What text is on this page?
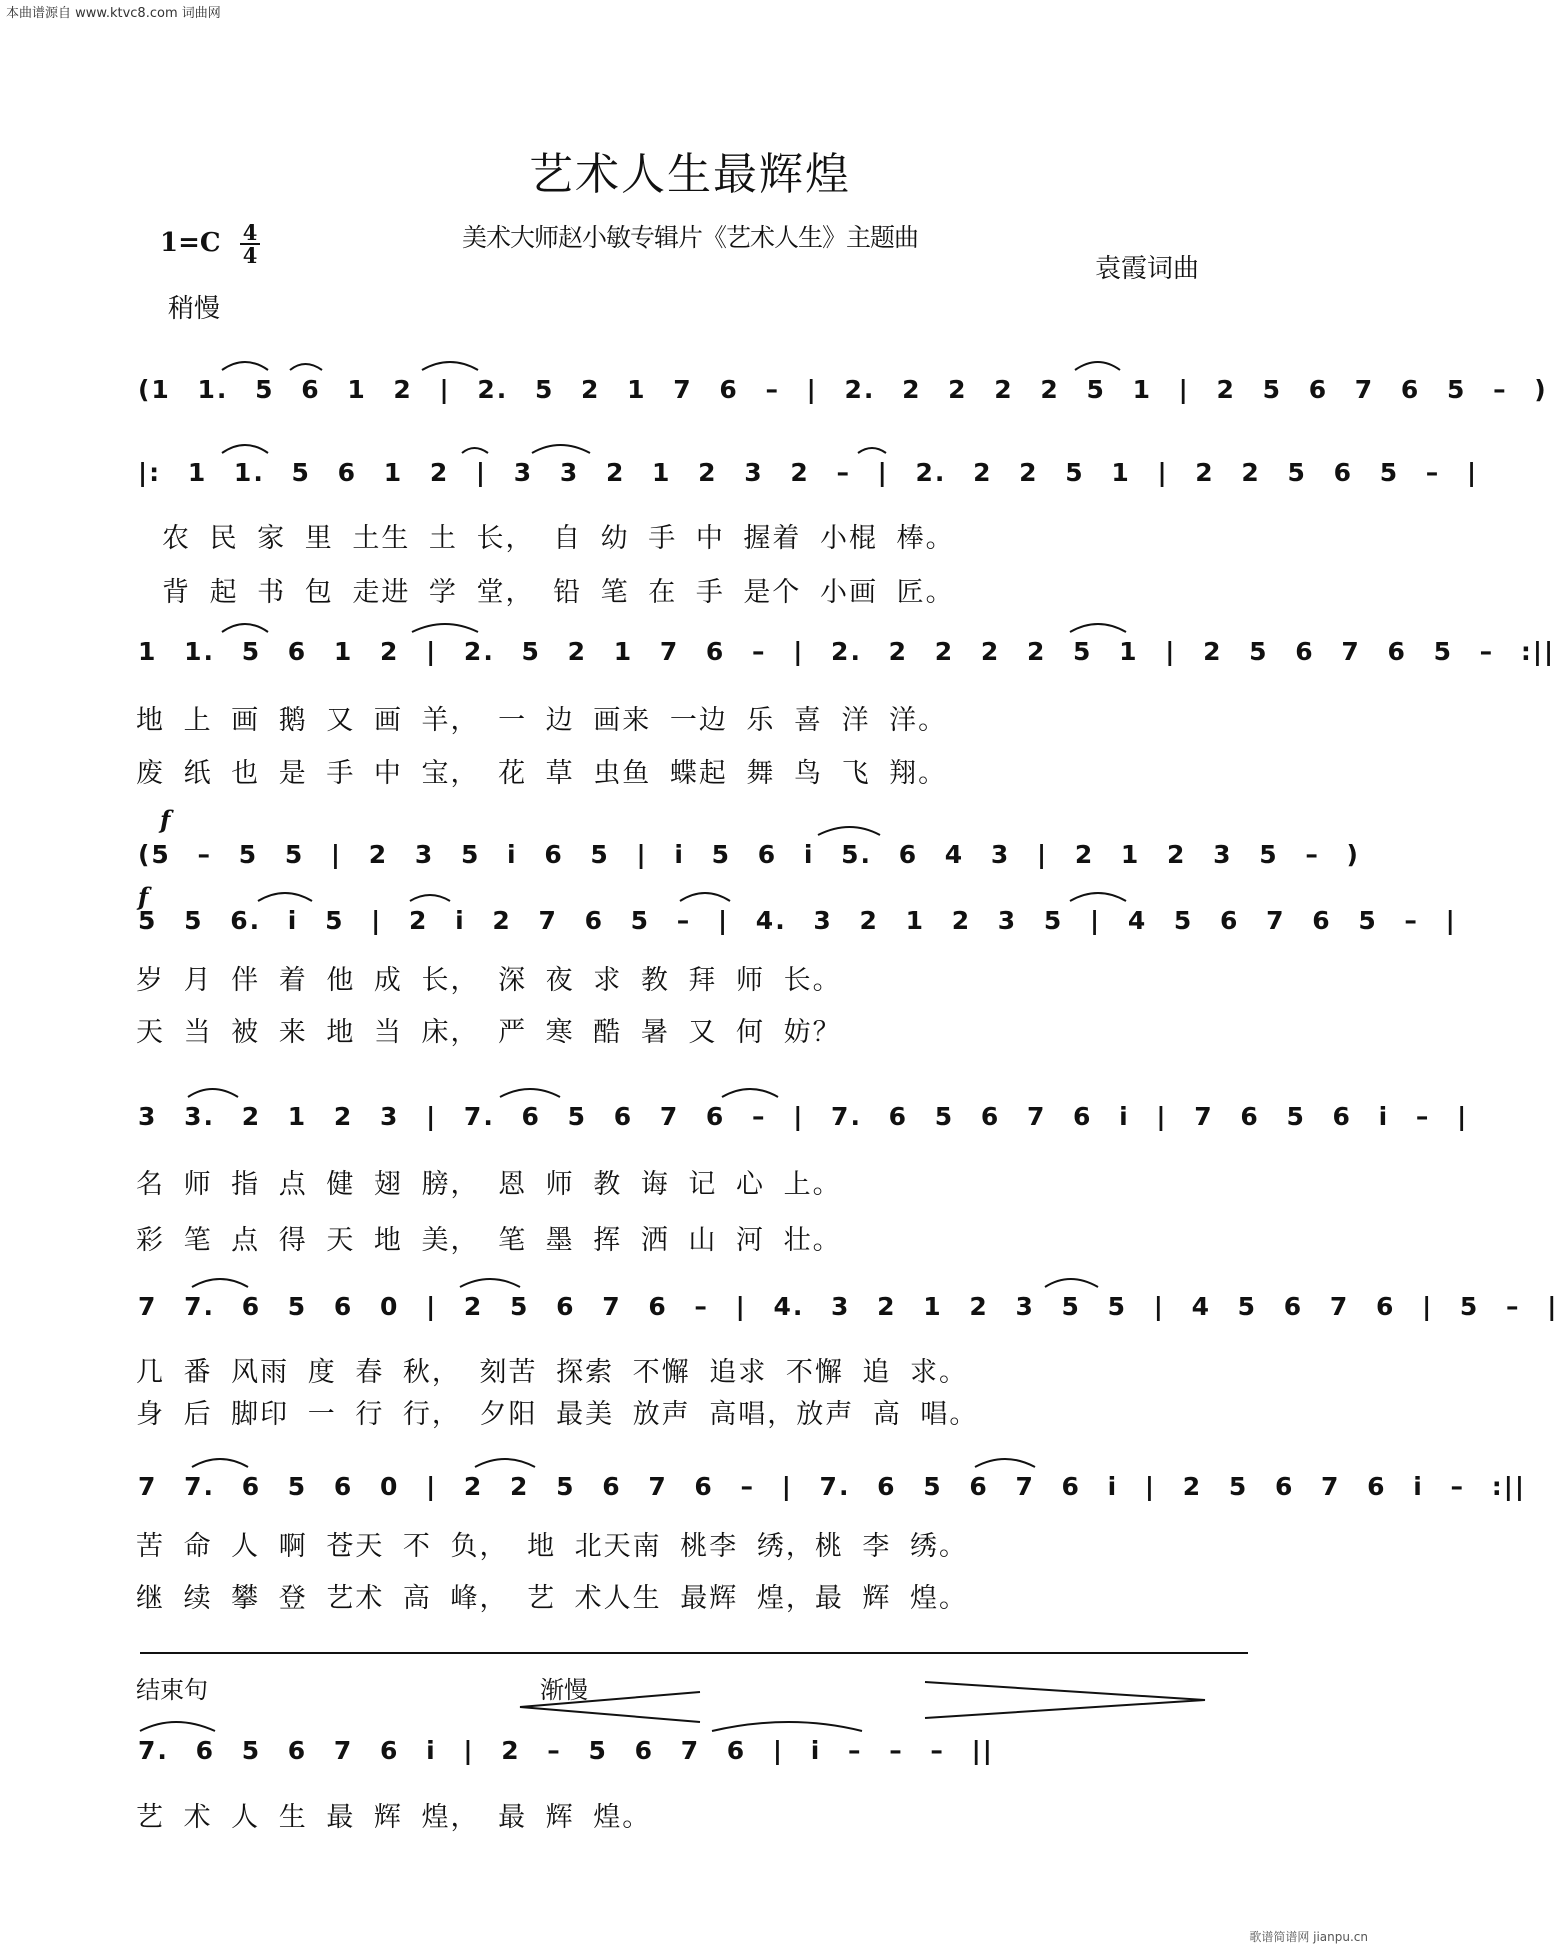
本曲谱源自 www.ktvc8.com 词曲网
艺术人生最辉煌
美术大师赵小敏专辑片《艺术人生》主题曲
1=C 4
4
稍慢
袁霞词曲
(1 1. 5 6 1 2 | 2. 5 2 1 7 6 – | 2. 2 2 2 2 5 1 | 2 5 6 7 6 5 – )
|: 1 1. 5 6 1 2 | 3 3 2 1 2 3 2 – | 2. 2 2 5 1 | 2 2 5 6 5 – |
农 民 家 里 土生 土 长， 自 幼 手 中 握着 小棍 棒。
背 起 书 包 走进 学 堂， 铅 笔 在 手 是个 小画 匠。
1 1. 5 6 1 2 | 2. 5 2 1 7 6 – | 2. 2 2 2 2 5 1 | 2 5 6 7 6 5 – :||
地 上 画 鹅 又 画 羊， 一 边 画来 一边 乐 喜 洋 洋。
废 纸 也 是 手 中 宝， 花 草 虫鱼 蝶起 舞 鸟 飞 翔。
f
(5 – 5 5 | 2 3 5 i 6 5 | i 5 6 i 5. 6 4 3 | 2 1 2 3 5 – )
f
5 5 6. i 5 | 2 i 2 7 6 5 – | 4. 3 2 1 2 3 5 | 4 5 6 7 6 5 – |
岁 月 伴 着 他 成 长， 深 夜 求 教 拜 师 长。
天 当 被 来 地 当 床， 严 寒 酷 暑 又 何 妨？
3 3. 2 1 2 3 | 7. 6 5 6 7 6 – | 7. 6 5 6 7 6 i | 7 6 5 6 i – |
名 师 指 点 健 翅 膀， 恩 师 教 诲 记 心 上。
彩 笔 点 得 天 地 美， 笔 墨 挥 洒 山 河 壮。
7 7. 6 5 6 0 | 2 5 6 7 6 – | 4. 3 2 1 2 3 5 5 | 4 5 6 7 6 | 5 – |
几 番 风雨 度 春 秋， 刻苦 探索 不懈 追求 不懈 追 求。
身 后 脚印 一 行 行， 夕阳 最美 放声 高唱，放声 高 唱。
7 7. 6 5 6 0 | 2 2 5 6 7 6 – | 7. 6 5 6 7 6 i | 2 5 6 7 6 i – :||
苦 命 人 啊 苍天 不 负， 地 北天南 桃李 绣，桃 李 绣。
继 续 攀 登 艺术 高 峰， 艺 术人生 最辉 煌，最 辉 煌。
结束句	渐慢
7. 6 5 6 7 6 i | 2 – 5 6 7 6 | i – – – ||
艺 术 人 生 最 辉 煌， 最 辉 煌。
歌谱简谱网 jianpu.cn
